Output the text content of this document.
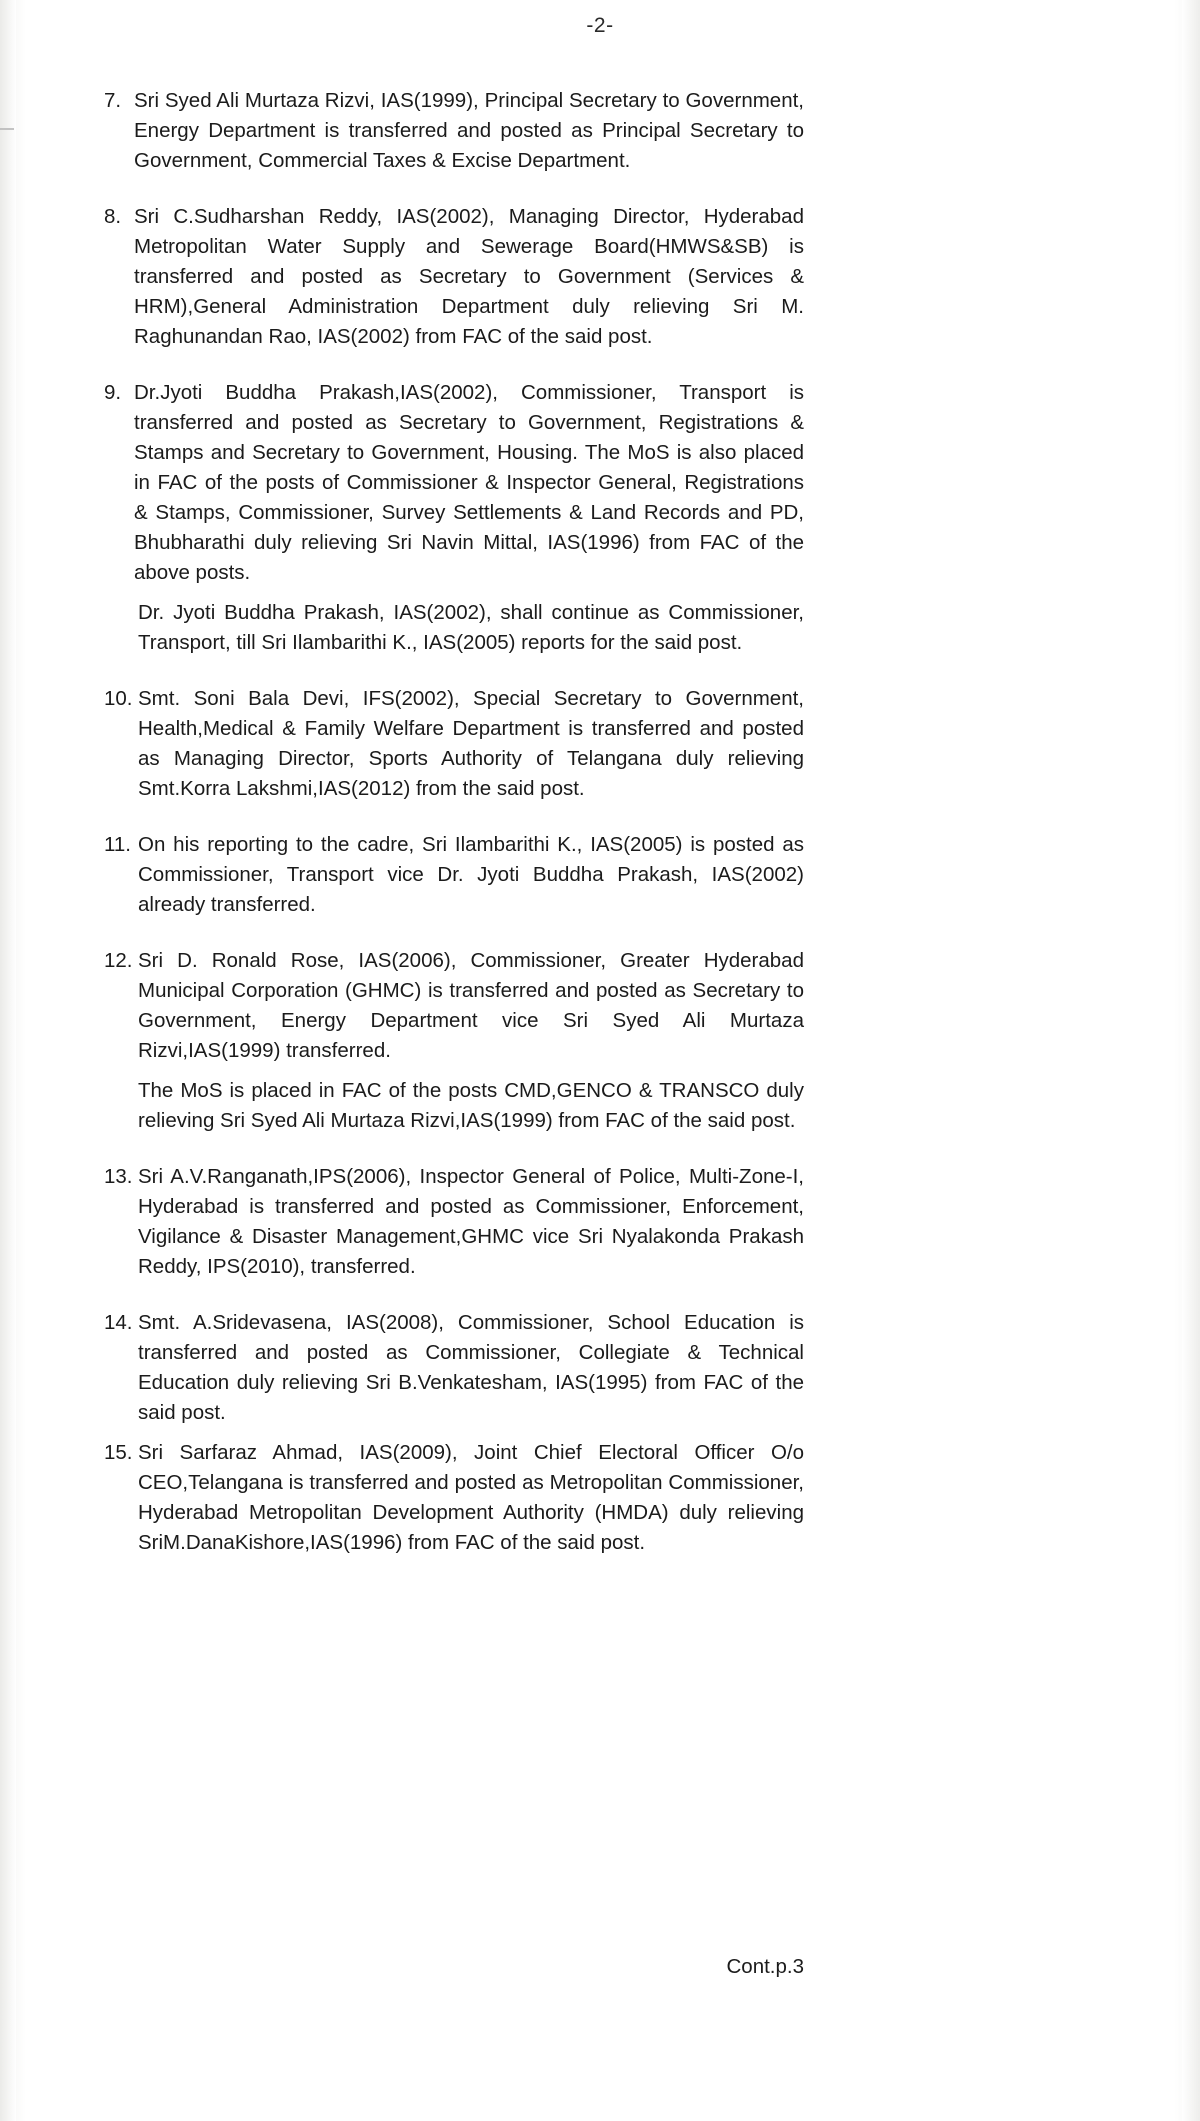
-2-
7. Sri Syed Ali Murtaza Rizvi, IAS(1999), Principal Secretary to Government, Energy Department is transferred and posted as Principal Secretary to Government, Commercial Taxes & Excise Department.
8. Sri C.Sudharshan Reddy, IAS(2002), Managing Director, Hyderabad Metropolitan Water Supply and Sewerage Board(HMWS&SB) is transferred and posted as Secretary to Government (Services & HRM),General Administration Department duly relieving Sri M. Raghunandan Rao, IAS(2002) from FAC of the said post.
9. Dr.Jyoti Buddha Prakash,IAS(2002), Commissioner, Transport is transferred and posted as Secretary to Government, Registrations & Stamps and Secretary to Government, Housing. The MoS is also placed in FAC of the posts of Commissioner & Inspector General, Registrations & Stamps, Commissioner, Survey Settlements & Land Records and PD, Bhubharathi duly relieving Sri Navin Mittal, IAS(1996) from FAC of the above posts.
Dr. Jyoti Buddha Prakash, IAS(2002), shall continue as Commissioner, Transport, till Sri Ilambarithi K., IAS(2005) reports for the said post.
10. Smt. Soni Bala Devi, IFS(2002), Special Secretary to Government, Health,Medical & Family Welfare Department is transferred and posted as Managing Director, Sports Authority of Telangana duly relieving Smt.Korra Lakshmi,IAS(2012) from the said post.
11. On his reporting to the cadre, Sri Ilambarithi K., IAS(2005) is posted as Commissioner, Transport vice Dr. Jyoti Buddha Prakash, IAS(2002) already transferred.
12. Sri D. Ronald Rose, IAS(2006), Commissioner, Greater Hyderabad Municipal Corporation (GHMC) is transferred and posted as Secretary to Government, Energy Department vice Sri Syed Ali Murtaza Rizvi,IAS(1999) transferred.
The MoS is placed in FAC of the posts CMD,GENCO & TRANSCO duly relieving Sri Syed Ali Murtaza Rizvi,IAS(1999) from FAC of the said post.
13. Sri A.V.Ranganath,IPS(2006), Inspector General of Police, Multi-Zone-I, Hyderabad is transferred and posted as Commissioner, Enforcement, Vigilance & Disaster Management,GHMC vice Sri Nyalakonda Prakash Reddy, IPS(2010), transferred.
14. Smt. A.Sridevasena, IAS(2008), Commissioner, School Education is transferred and posted as Commissioner, Collegiate & Technical Education duly relieving Sri B.Venkatesham, IAS(1995) from FAC of the said post.
15. Sri Sarfaraz Ahmad, IAS(2009), Joint Chief Electoral Officer O/o CEO,Telangana is transferred and posted as Metropolitan Commissioner, Hyderabad Metropolitan Development Authority (HMDA) duly relieving SriM.DanaKishore,IAS(1996) from FAC of the said post.
Cont.p.3
